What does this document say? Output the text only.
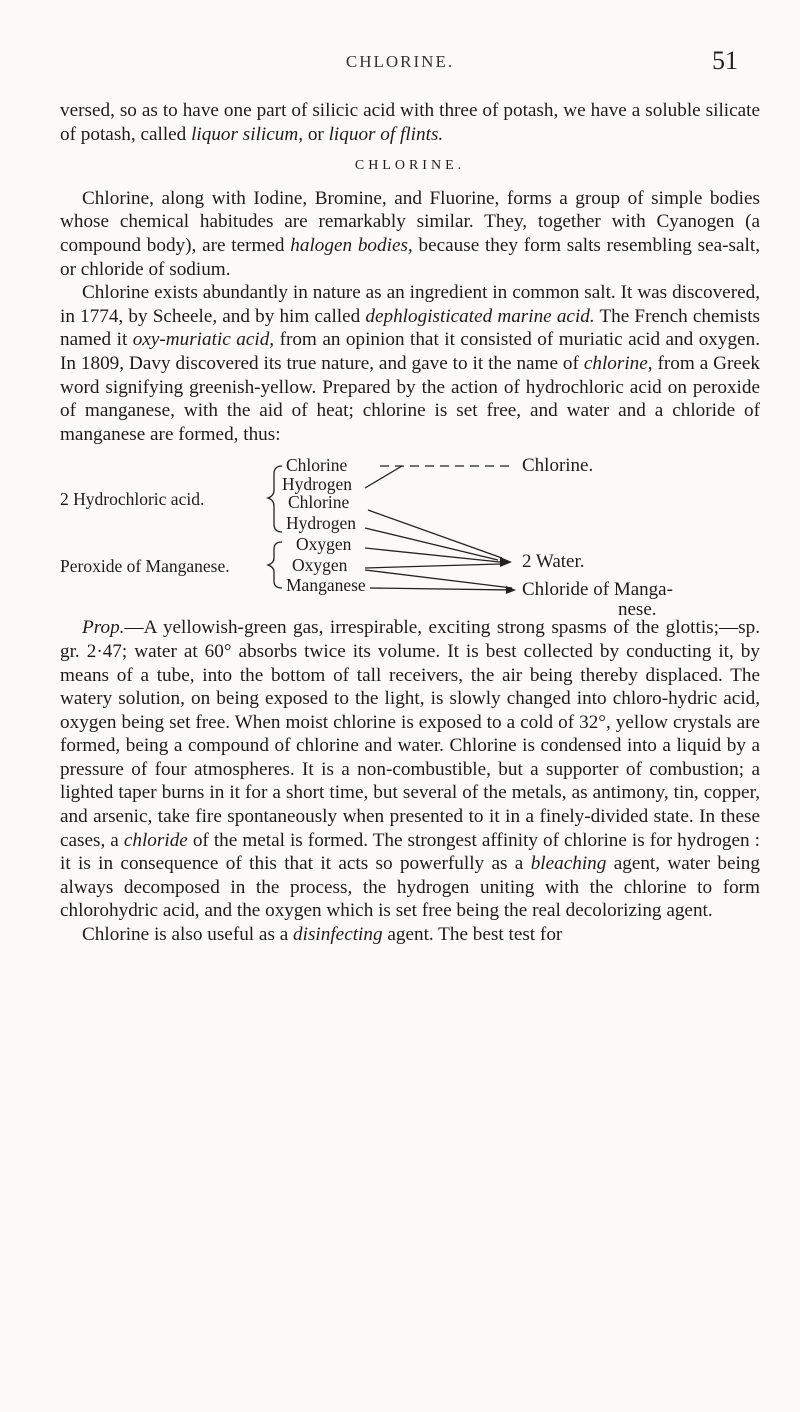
CHLORINE.	51

versed, so as to have one part of silicic acid with three of potash, we have a soluble silicate of potash, called liquor silicum, or liquor of flints.

CHLORINE.

Chlorine, along with Iodine, Bromine, and Fluorine, forms a group of simple bodies whose chemical habitudes are remarkably similar. They, together with Cyanogen (a compound body), are termed halogen bodies, because they form salts resembling sea-salt, or chloride of sodium.

Chlorine exists abundantly in nature as an ingredient in common salt. It was discovered, in 1774, by Scheele, and by him called dephlogisticated marine acid. The French chemists named it oxy-muriatic acid, from an opinion that it consisted of muriatic acid and oxygen. In 1809, Davy discovered its true nature, and gave to it the name of chlorine, from a Greek word signifying greenish-yellow. Prepared by the action of hydrochloric acid on peroxide of manganese, with the aid of heat; chlorine is set free, and water and a chloride of manganese are formed, thus:

2 Hydrochloric acid.
Peroxide of Manganese.
Chlorine
Hydrogen
Chlorine
Hydrogen
Oxygen
Oxygen
Manganese
Chlorine.
2 Water.
Chloride of Manga-
nese.

Prop.—A yellowish-green gas, irrespirable, exciting strong spasms of the glottis;—sp. gr. 2·47; water at 60° absorbs twice its volume. It is best collected by conducting it, by means of a tube, into the bottom of tall receivers, the air being thereby displaced. The watery solution, on being exposed to the light, is slowly changed into chloro-hydric acid, oxygen being set free. When moist chlorine is exposed to a cold of 32°, yellow crystals are formed, being a compound of chlorine and water. Chlorine is condensed into a liquid by a pressure of four atmospheres. It is a non-combustible, but a supporter of combustion; a lighted taper burns in it for a short time, but several of the metals, as antimony, tin, copper, and arsenic, take fire spontaneously when presented to it in a finely-divided state. In these cases, a chloride of the metal is formed. The strongest affinity of chlorine is for hydrogen : it is in consequence of this that it acts so powerfully as a bleaching agent, water being always decomposed in the process, the hydrogen uniting with the chlorine to form chlorohydric acid, and the oxygen which is set free being the real decolorizing agent.

Chlorine is also useful as a disinfecting agent. The best test for
